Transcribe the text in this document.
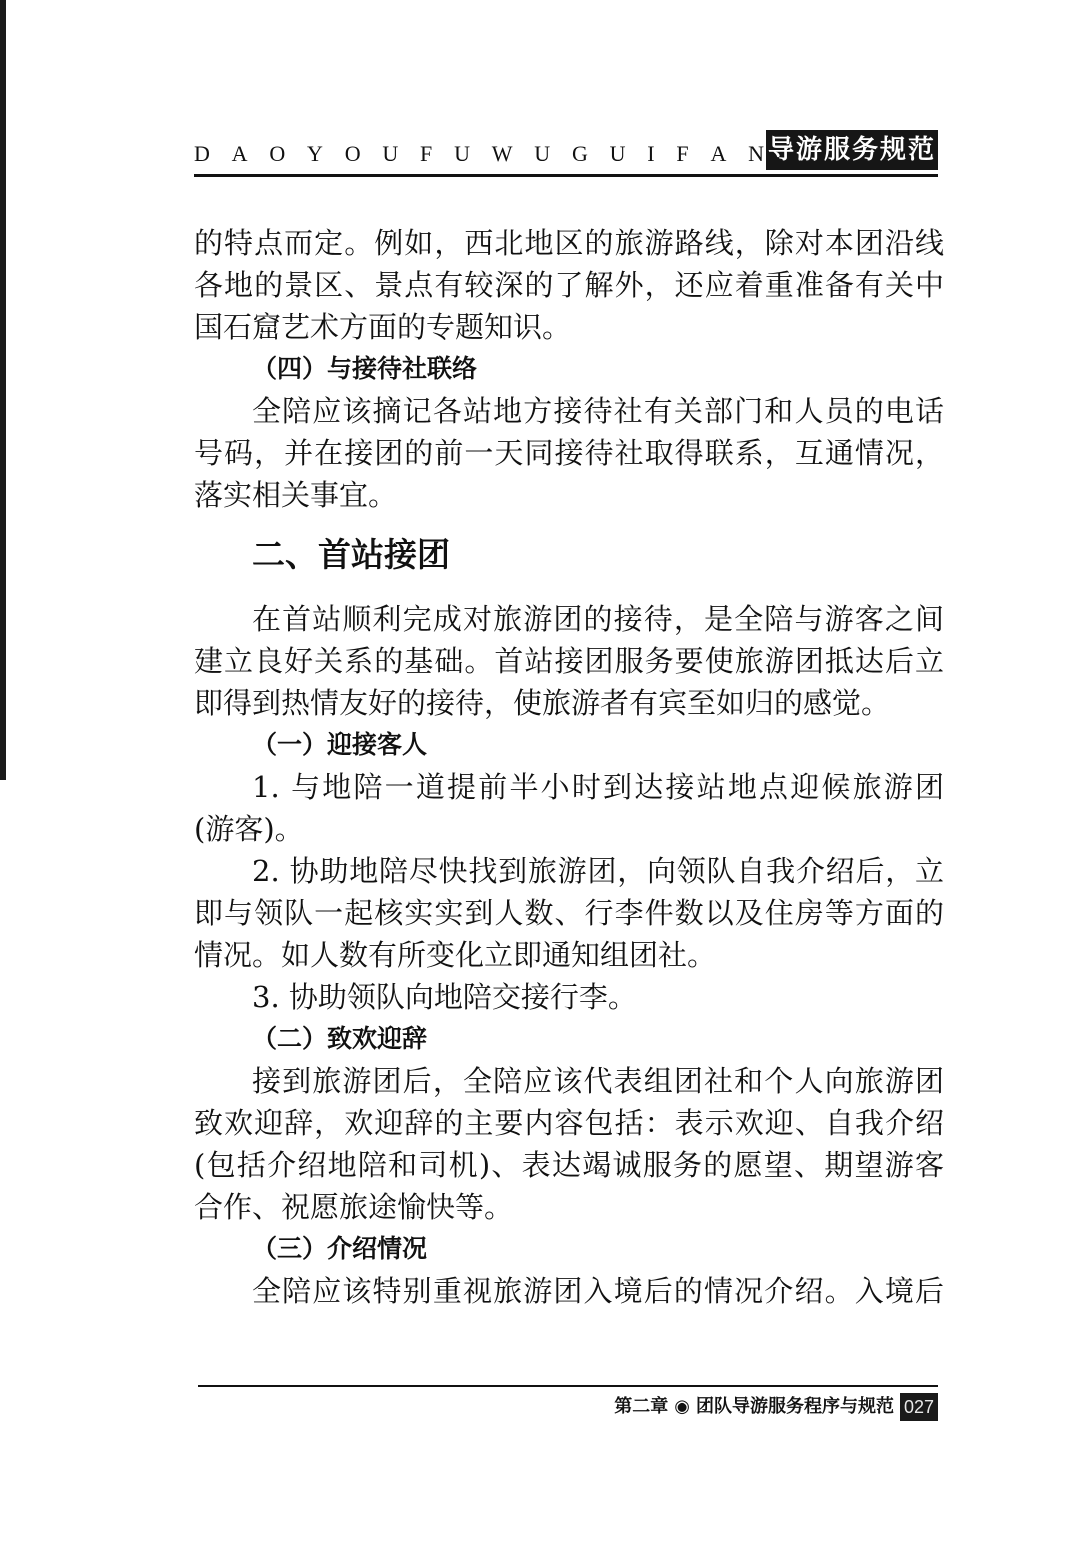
D A O Y O U F U W U G U I F A N 导游服务规范
的特点而定。例如，西北地区的旅游路线，除对本团沿线
各地的景区、景点有较深的了解外，还应着重准备有关中
国石窟艺术方面的专题知识。
（四）与接待社联络
全陪应该摘记各站地方接待社有关部门和人员的电话
号码，并在接团的前一天同接待社取得联系，互通情况，
落实相关事宜。
二、首站接团
在首站顺利完成对旅游团的接待，是全陪与游客之间
建立良好关系的基础。首站接团服务要使旅游团抵达后立
即得到热情友好的接待，使旅游者有宾至如归的感觉。
（一）迎接客人
1. 与地陪一道提前半小时到达接站地点迎候旅游团
(游客)。
2. 协助地陪尽快找到旅游团，向领队自我介绍后，立
即与领队一起核实实到人数、行李件数以及住房等方面的
情况。如人数有所变化立即通知组团社。
3. 协助领队向地陪交接行李。
（二）致欢迎辞
接到旅游团后，全陪应该代表组团社和个人向旅游团
致欢迎辞，欢迎辞的主要内容包括：表示欢迎、自我介绍
(包括介绍地陪和司机)、表达竭诚服务的愿望、期望游客
合作、祝愿旅途愉快等。
（三）介绍情况
全陪应该特别重视旅游团入境后的情况介绍。入境后
第二章 ◉ 团队导游服务程序与规范 027
